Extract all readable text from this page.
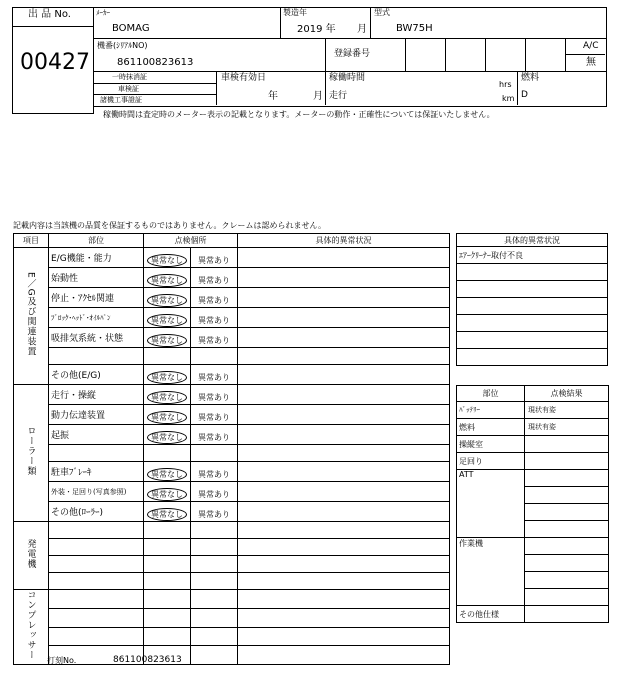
出 品 No.
00427
ﾒｰｶｰ
BOMAG
製造年
2019 年 月
型式
BW75H
機番(ｼﾘｱﾙNO)
861100823613
登録番号
A/C
無
一時抹消証
車検証
諸機工事證証
車検有効日
年	月
稼働時間
走行
hrs
km
燃料
D
稼働時間は査定時のメーター表示の記載となります。メーターの動作・正確性については保証いたしません。
記載内容は当該機の品質を保証するものではありません。クレームは認められません。
項目	部位	点検個所		具体的異常状況
E／G及び関連装置	E/G機能・能力	異常なし	異常あり	
	始動性	異常なし	異常あり	
	停止・ｱｸｾﾙ関連	異常なし	異常あり	
	ﾌﾞﾛｯｸ･ﾍｯﾄﾞ･ｵｲﾙﾊﾟﾝ	異常なし	異常あり	
	吸排気系統・状態	異常なし	異常あり	

	その他(E/G)	異常なし	異常あり	
ローラー類	走行・操縦	異常なし	異常あり	
	動力伝達装置	異常なし	異常あり	
	起振	異常なし	異常あり	

	駐車ﾌﾞﾚｰｷ	異常なし	異常あり	
	外装・足回り(写真参照)	異常なし	異常あり	
	その他(ﾛｰﾗｰ)	異常なし	異常あり	
発電機				

コンプレッサー				

具体的異常状況
ｴｱｰｸﾘｰﾅｰ取付不良

部位	点検結果
ﾊﾞｯﾃﾘｰ	現状有姿
燃料	現状有姿
操縦室	
足回り	
ATT	

作業機	

その他仕様	
打刻No.	861100823613
